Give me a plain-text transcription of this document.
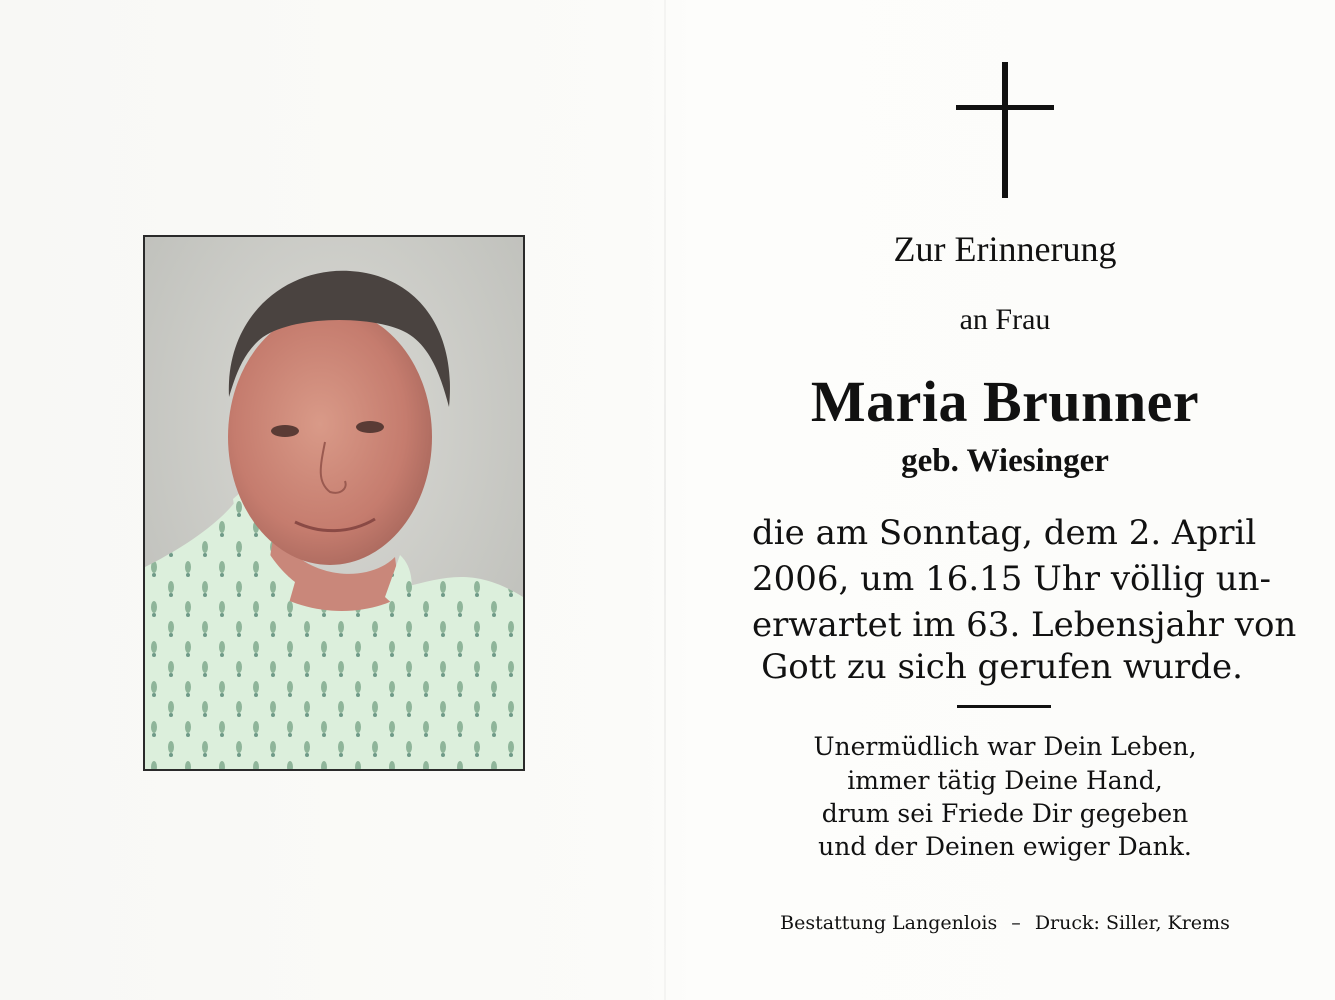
Zur Erinnerung
an Frau
Maria Brunner
geb. Wiesinger
die am Sonntag, dem 2. April
2006, um 16.15 Uhr völlig un-
erwartet im 63. Lebensjahr von
Gott zu sich gerufen wurde.
Unermüdlich war Dein Leben,
immer tätig Deine Hand,
drum sei Friede Dir gegeben
und der Deinen ewiger Dank.
Bestattung Langenlois – Druck: Siller, Krems
